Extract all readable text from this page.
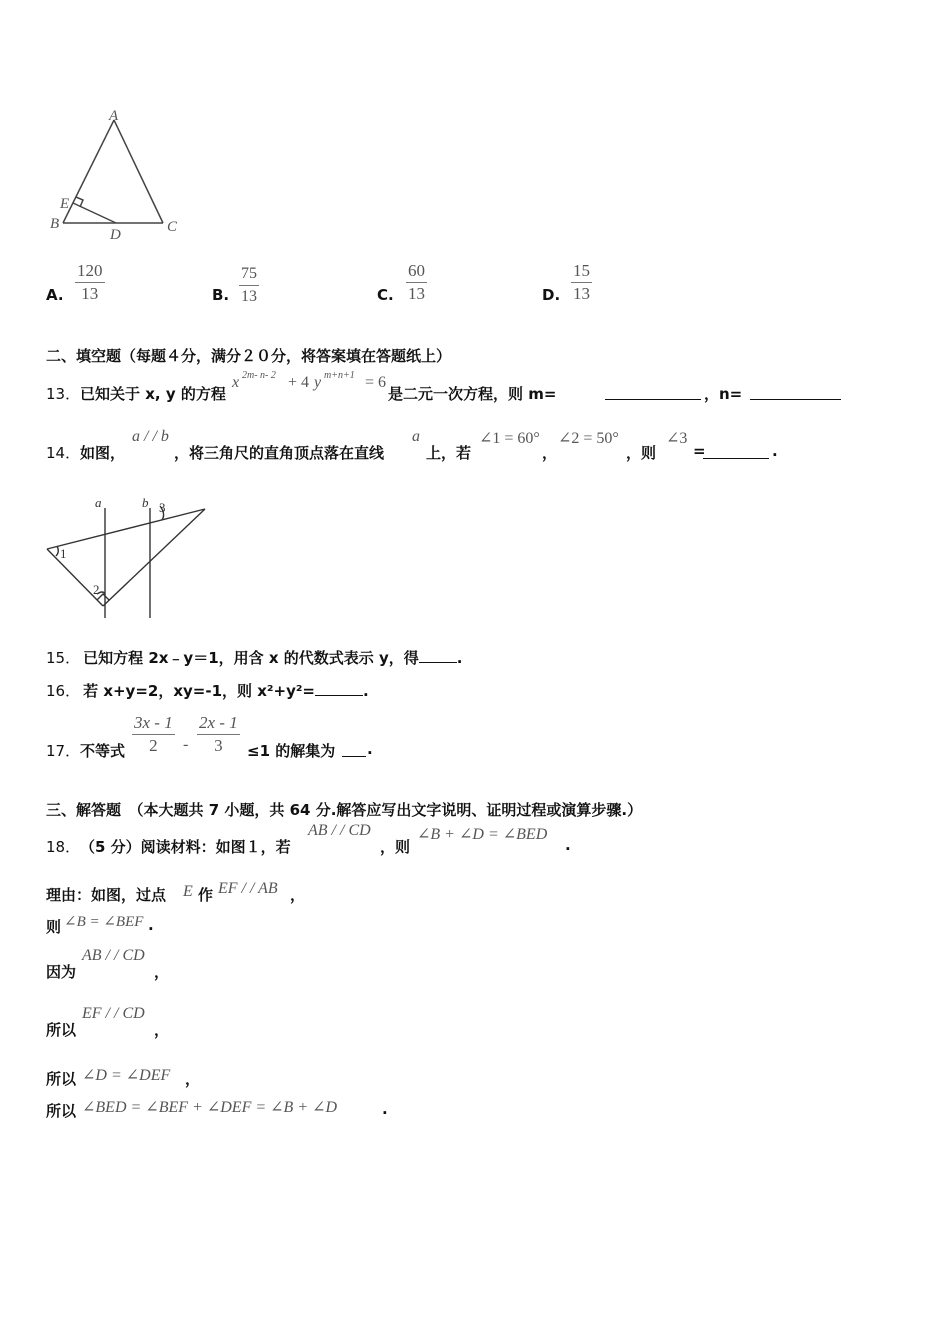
A
E
B
D	C
A. $\frac{120}{13}$	B. $\frac{75}{13}$	C. $\frac{60}{13}$	D. $\frac{15}{13}$
二、填空题（每题４分，满分２０分，将答案填在答题纸上）
13． 已知关于 x, y 的方程
x 2m- n- 2 + 4 y m+n+1 = 6
是二元一次方程，则 m=	，n=
14． 如图，
a / / b
，将三角尺的直角顶点落在直线
a
上，若
∠1 = 60°
，
∠2 = 50°
，则
∠3
=	.
a	b 3
1
2
15． 已知方程 2x﹣y＝1，用含 x 的代数式表示 y，得	.
16． 若 x+y=2，xy=-1，则 x²+y²=	.
17． 不等式 $\frac{3x - 1}{2} - \frac{2x - 1}{3} \le 1$ 的解集为 .
三、解答题　（本大题共 7 小题，共 64 分.解答应写出文字说明、证明过程或演算步骤.）
18． （5 分）阅读材料：如图１，若
AB / / CD
，则
∠B + ∠D = ∠BED
.
理由：如图，过点 E 作 EF / / AB ，
则 ∠B = ∠BEF .
因为
AB / / CD
，
所以
EF / / CD
，
所以 ∠D = ∠DEF ，
所以 ∠BED = ∠BEF + ∠DEF = ∠B + ∠D	.
